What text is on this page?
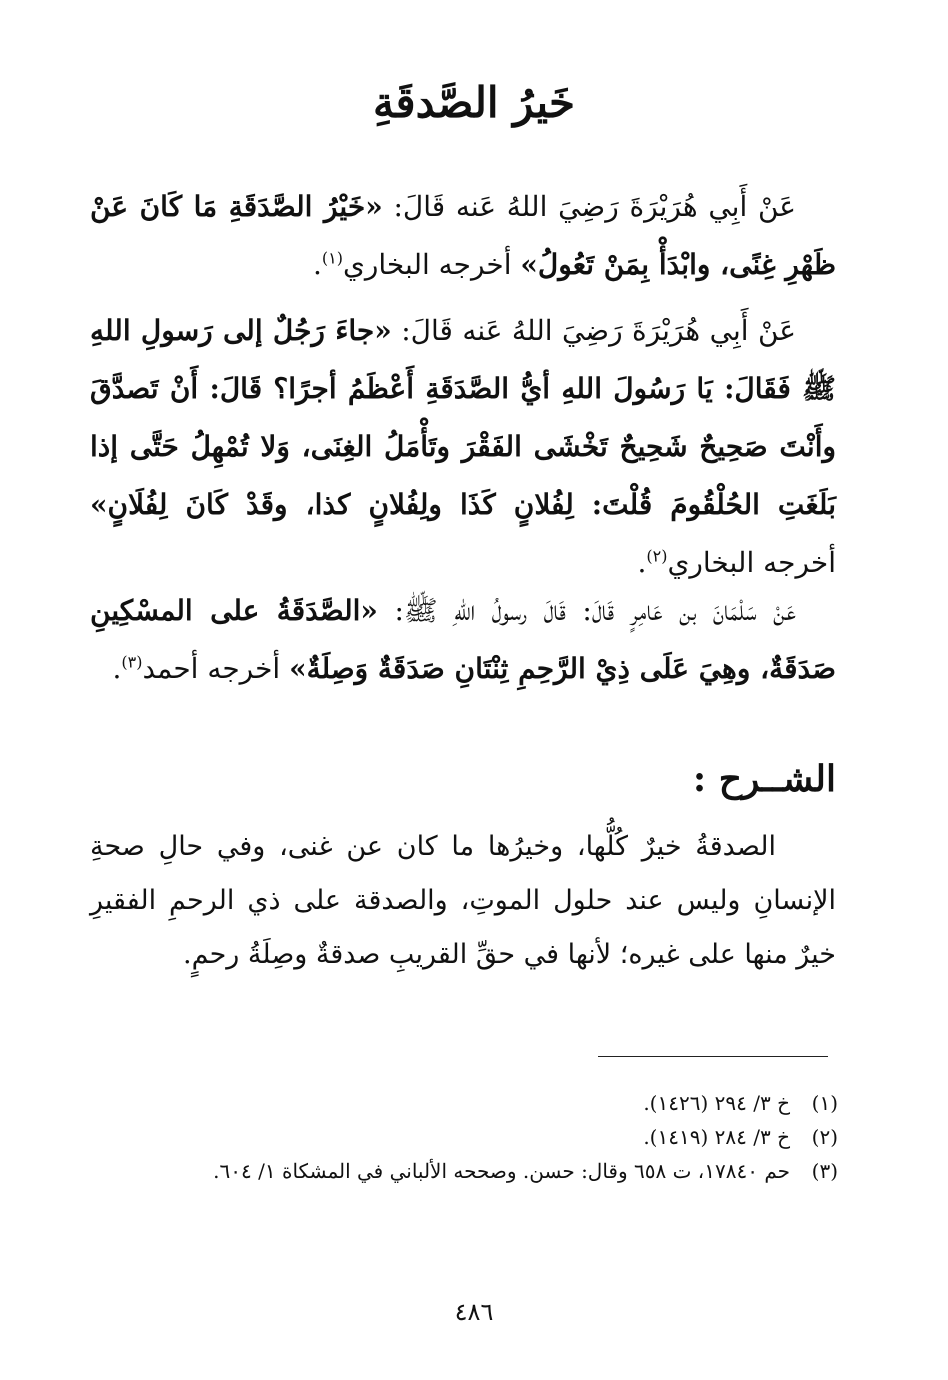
خَيرُ الصَّدقَةِ

عَنْ أَبِي هُرَيْرَةَ رَضِيَ اللهُ عَنه قَالَ: «خَيْرُ الصَّدَقَةِ مَا كَانَ عَنْ ظَهْرِ غِنًى، وابْدَأْ بِمَنْ تَعُولُ» أخرجه البخاري$^{(١)}$.

عَنْ أَبِي هُرَيْرَةَ رَضِيَ اللهُ عَنه قَالَ: «جاءَ رَجُلٌ إلى رَسولِ اللهِ ﷺ فَقَالَ: يَا رَسُولَ اللهِ أيُّ الصَّدَقَةِ أَعْظَمُ أجرًا؟ قَالَ: أَنْ تَصدَّقَ وأَنْتَ صَحِيحٌ شَحِيحٌ تَخْشَى الفَقْرَ وتَأْمَلُ الغِنَى، وَلا تُمْهِلُ حَتَّى إذا بَلَغَتِ الحُلْقُومَ قُلْتَ: لِفُلانٍ كَذَا ولِفُلانٍ كذا، وقَدْ كَانَ لِفُلَانٍ» أخرجه البخاري$^{(٢)}$.

عَنْ سَلْمَانَ بن عَامِرٍ قَالَ: قَالَ رسولُ اللهِ ﷺ: «الصَّدَقَةُ على المسْكِينِ صَدَقَةٌ، وهِيَ عَلَى ذِيْ الرَّحِمِ ثِنْتَانِ صَدَقَةٌ وَصِلَةٌ» أخرجه أحمد$^{(٣)}$.

الشــرح :

الصدقةُ خيرٌ كُلُّها، وخيرُها ما كان عن غنى، وفي حالِ صحةِ الإنسانِ وليس عند حلول الموتِ، والصدقة على ذي الرحمِ الفقيرِ خيرٌ منها على غيره؛ لأنها في حقِّ القريبِ صدقةٌ وصِلَةُ رحمٍ.

(١)
خ ٣/ ٢٩٤ (١٤٢٦).
(٢)
خ ٣/ ٢٨٤ (١٤١٩).
(٣)
حم ١٧٨٤٠، ت ٦٥٨ وقال: حسن. وصححه الألباني في المشكاة ١/ ٦٠٤.
٤٨٦
